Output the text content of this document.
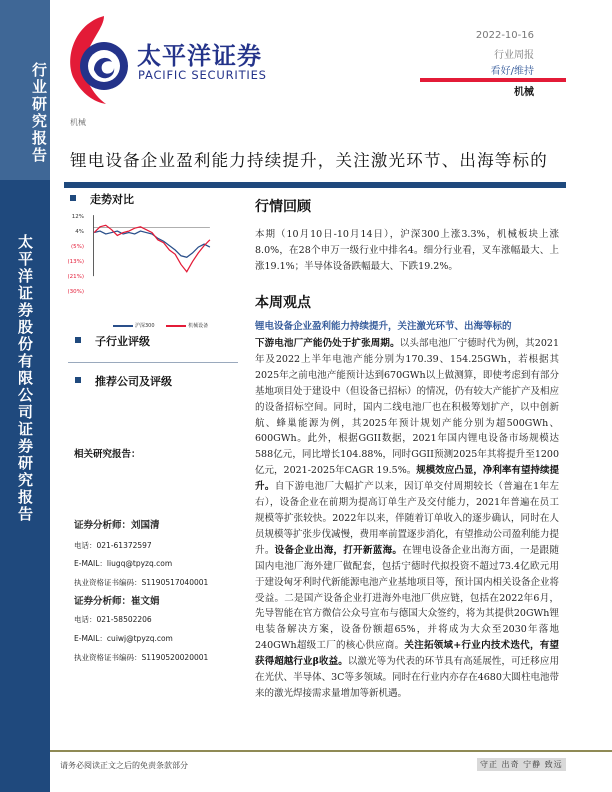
行业研究报告
太平洋证券股份有限公司证券研究报告
太平洋证券
PACIFIC SECURITIES
2022-10-16
行业周报
看好/维持
机械
机械
锂电设备企业盈利能力持续提升，关注激光环节、出海等标的
走势对比
12%
4%
(5%)
(13%)
(21%)
(30%)
沪深300	机械设备
子行业评级
推荐公司及评级
相关研究报告：
证券分析师：刘国清
电话：021-61372597
E-MAIL：liugq@tpyzq.com
执业资格证书编码：S1190517040001
证券分析师：崔文娟
电话：021-58502206
E-MAIL：cuiwj@tpyzq.com
执业资格证书编码：S1190520020001
行情回顾
本期（10月10日-10月14日），沪深300上涨3.3%，机械板块上涨8.0%，在28个申万一级行业中排名4。细分行业看，叉车涨幅最大、上涨19.1%；半导体设备跌幅最大、下跌19.2%。
本周观点
锂电设备企业盈利能力持续提升，关注激光环节、出海等标的
下游电池厂产能仍处于扩张周期。以头部电池厂宁德时代为例，其2021年及2022上半年电池产能分别为170.39、154.25GWh，若根据其2025年之前电池产能预计达到670GWh以上做测算，即使考虑到有部分基地项目处于建设中（但设备已招标）的情况，仍有较大产能扩产及相应的设备招标空间。同时，国内二线电池厂也在积极筹划扩产，以中创新航、蜂巢能源为例，其2025年预计规划产能分别为超500GWh、600GWh。此外，根据GGII数据，2021年国内锂电设备市场规模达588亿元，同比增长104.88%，同时GGII预测2025年其将提升至1200亿元，2021-2025年CAGR 19.5%。规模效应凸显，净利率有望持续提升。自下游电池厂大幅扩产以来，因订单交付周期较长（普遍在1年左右），设备企业在前期为提高订单生产及交付能力，2021年普遍在员工规模等扩张较快。2022年以来，伴随着订单收入的逐步确认，同时在人员规模等扩张步伐减慢，费用率前置逐步消化，有望推动公司盈利能力提升。设备企业出海，打开新蓝海。在锂电设备企业出海方面，一是跟随国内电池厂海外建厂做配套，包括宁德时代拟投资不超过73.4亿欧元用于建设匈牙利时代新能源电池产业基地项目等，预计国内相关设备企业将受益。二是国产设备企业打进海外电池厂供应链，包括在2022年6月，先导智能在官方微信公众号宣布与德国大众签约，将为其提供20GWh锂电装备解决方案，设备份额超65%，并将成为大众至2030年落地240GWh超级工厂的核心供应商。关注拓领域+行业内技术迭代，有望获得超越行业β收益。以激光等为代表的环节具有高延展性，可迁移应用在光伏、半导体、3C等多领域。同时在行业内亦存在4680大圆柱电池带来的激光焊接需求量增加等新机遇。
请务必阅读正文之后的免责条款部分	守正 出奇 宁静 致远
